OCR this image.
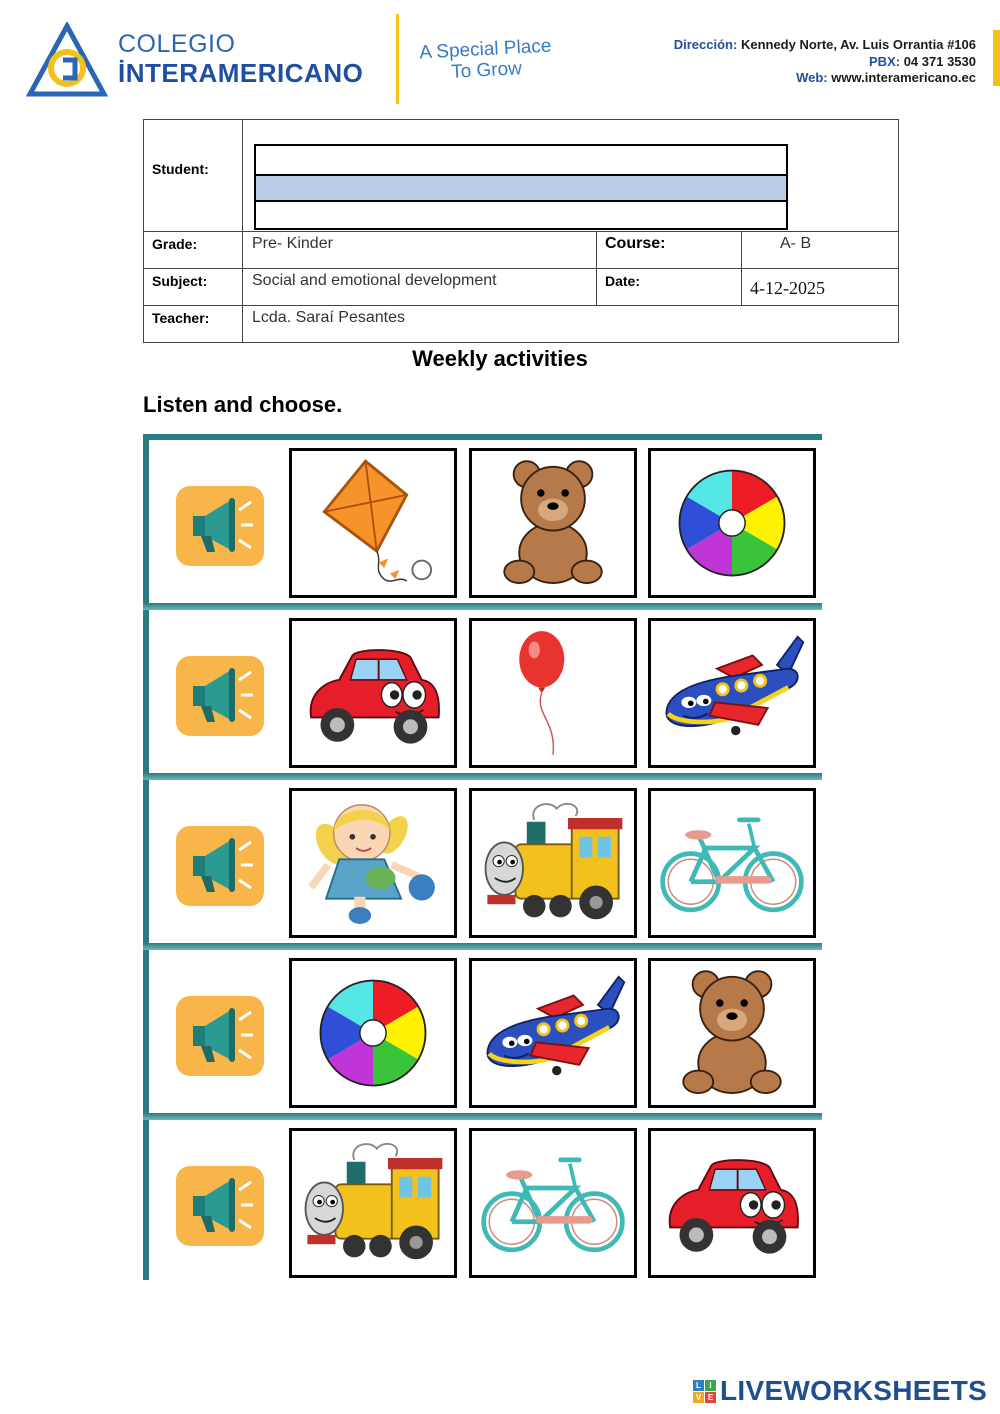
COLEGIO
İNTERAMERICANO
A Special Place
To Grow
Dirección: Kennedy Norte, Av. Luis Orrantia #106
PBX: 04 371 3530
Web: www.interamericano.ec
Student:
Grade:	Pre- Kinder	Course:	A- B
Subject:	Social and emotional development	Date:	4-12-2025
Teacher:	Lcda. Saraí Pesantes
Weekly activities
Listen and choose.
L	I
V E LIVEWORKSHEETS
